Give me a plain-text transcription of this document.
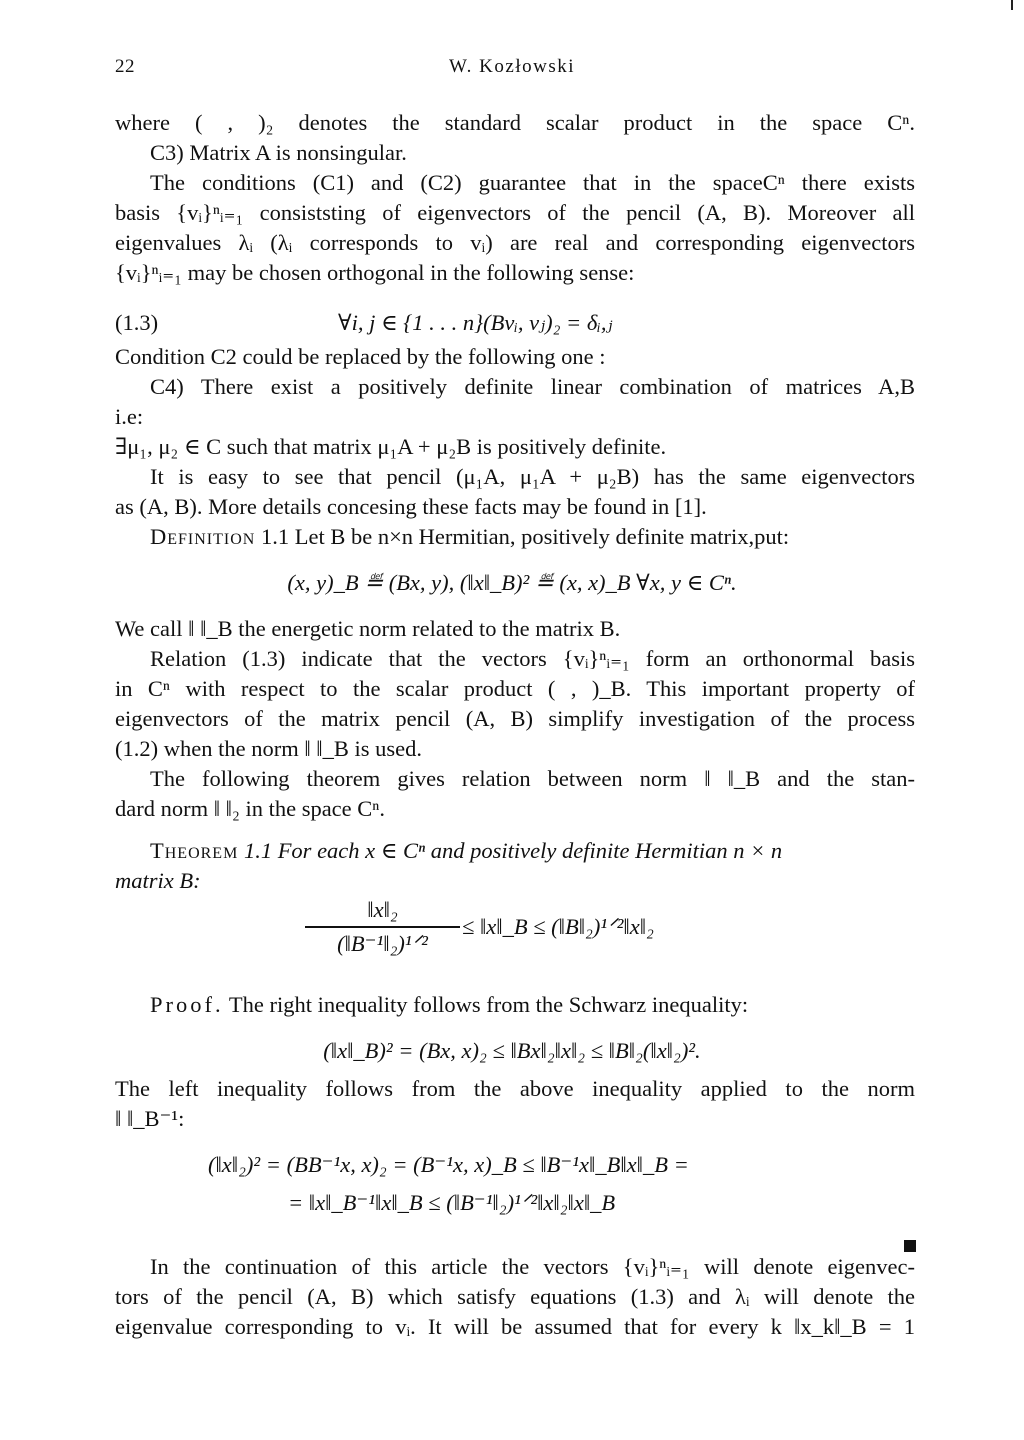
22	W. Kozłowski
where ( , )₂ denotes the standard scalar product in the space Cⁿ.
C3) Matrix A is nonsingular.
The conditions (C1) and (C2) guarantee that in the spaceCⁿ there exists
basis {vᵢ}ⁿᵢ₌₁ consiststing of eigenvectors of the pencil (A, B). Moreover all
eigenvalues λᵢ (λᵢ corresponds to vᵢ) are real and corresponding eigenvectors
{vᵢ}ⁿᵢ₌₁ may be chosen orthogonal in the following sense:
(1.3)	∀i, j ∈ {1 . . . n}(Bvᵢ, vⱼ)₂ = δᵢ,ⱼ
Condition C2 could be replaced by the following one :
C4) There exist a positively definite linear combination of matrices A,B
i.e:
∃μ₁, μ₂ ∈ C such that matrix μ₁A + μ₂B is positively definite.
It is easy to see that pencil (μ₁A, μ₁A + μ₂B) has the same eigenvectors
as (A, B). More details concesing these facts may be found in [1].
Definition 1.1 Let B be n×n Hermitian, positively definite matrix,put:
(x, y)_B ≝ (Bx, y), (‖x‖_B)² ≝ (x, x)_B ∀x, y ∈ Cⁿ.
We call ‖ ‖_B the energetic norm related to the matrix B.
Relation (1.3) indicate that the vectors {vᵢ}ⁿᵢ₌₁ form an orthonormal basis
in Cⁿ with respect to the scalar product ( , )_B. This important property of
eigenvectors of the matrix pencil (A, B) simplify investigation of the process
(1.2) when the norm ‖ ‖_B is used.
The following theorem gives relation between norm ‖ ‖_B and the stan-
dard norm ‖ ‖₂ in the space Cⁿ.
Theorem 1.1 For each x ∈ Cⁿ and positively definite Hermitian n × n
matrix B:
‖x‖₂
(‖B⁻¹‖₂)¹ᐟ²
≤ ‖x‖_B ≤ (‖B‖₂)¹ᐟ²‖x‖₂
Proof. The right inequality follows from the Schwarz inequality:
(‖x‖_B)² = (Bx, x)₂ ≤ ‖Bx‖₂‖x‖₂ ≤ ‖B‖₂(‖x‖₂)².
The left inequality follows from the above inequality applied to the norm
‖ ‖_B⁻¹:
(‖x‖₂)² = (BB⁻¹x, x)₂ = (B⁻¹x, x)_B ≤ ‖B⁻¹x‖_B‖x‖_B =
= ‖x‖_B⁻¹‖x‖_B ≤ (‖B⁻¹‖₂)¹ᐟ²‖x‖₂‖x‖_B
In the continuation of this article the vectors {vᵢ}ⁿᵢ₌₁ will denote eigenvec-
tors of the pencil (A, B) which satisfy equations (1.3) and λᵢ will denote the
eigenvalue corresponding to vᵢ. It will be assumed that for every k ‖x_k‖_B = 1
